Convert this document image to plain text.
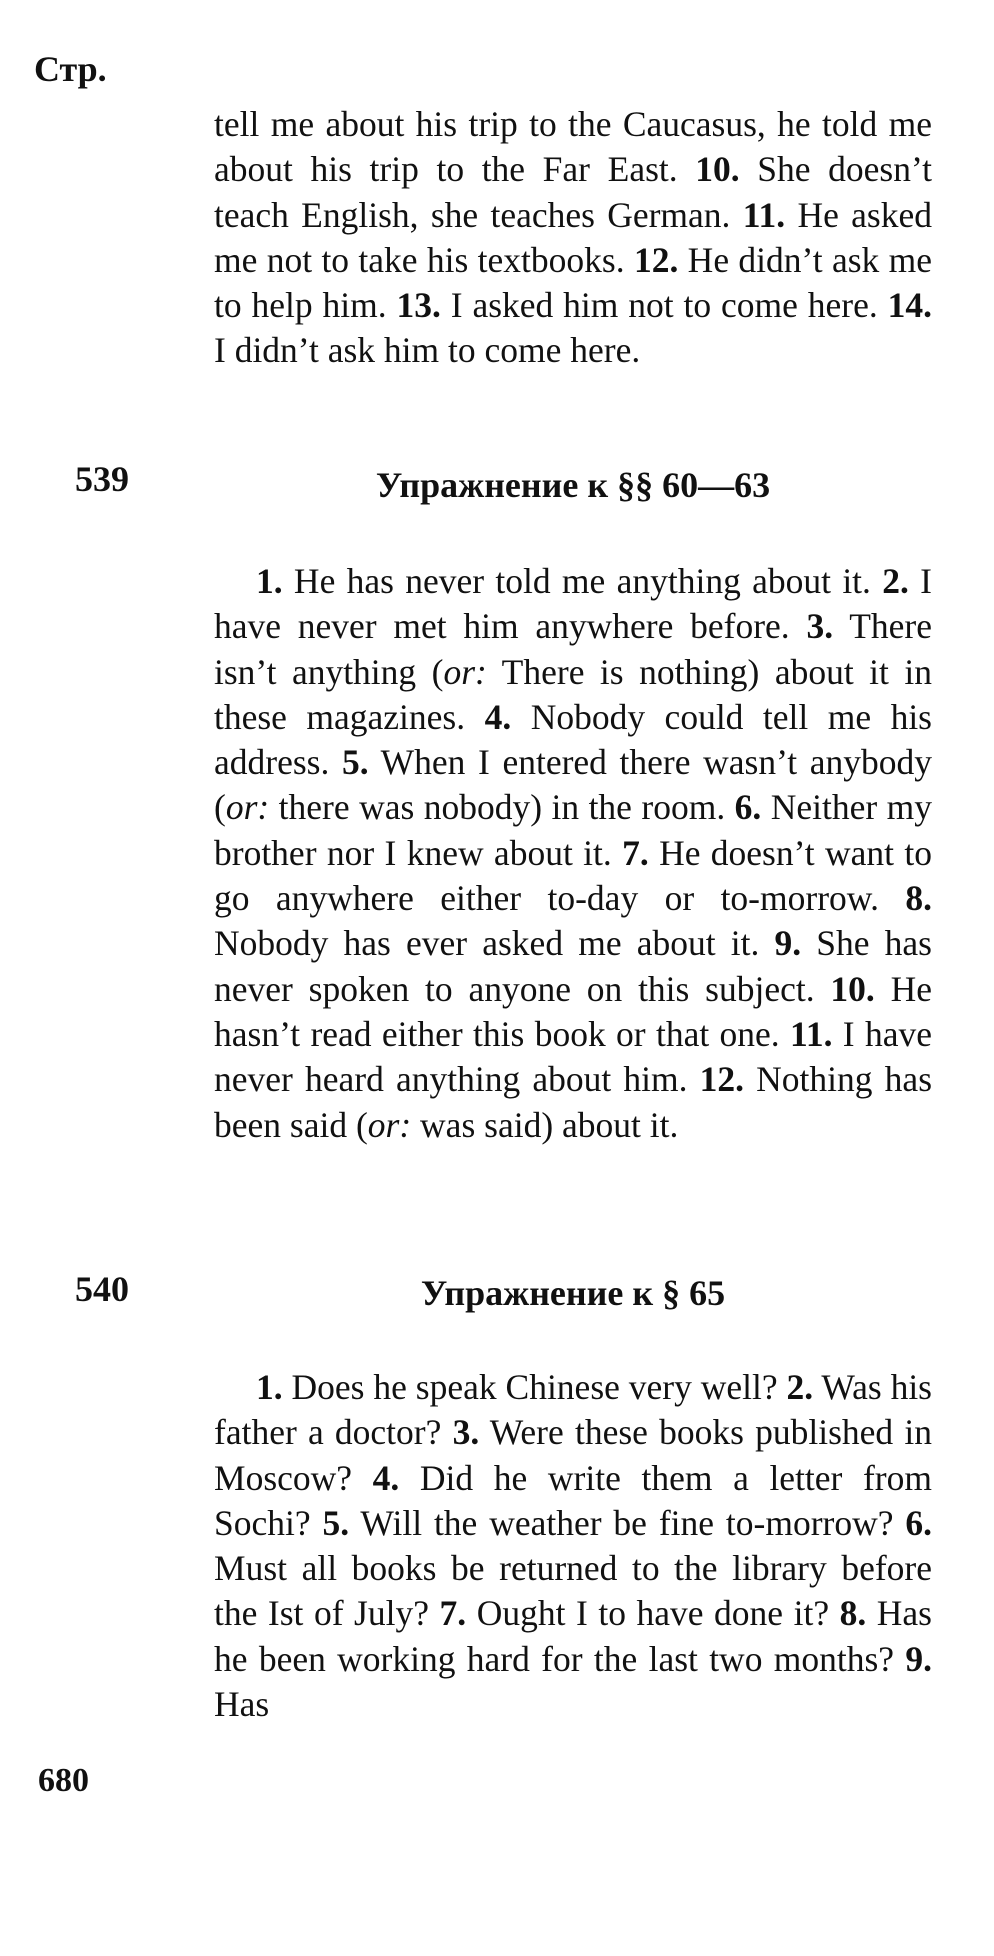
Стр.

tell me about his trip to the Caucasus, he told me about his trip to the Far East. 10. She doesn’t teach English, she teaches German. 11. He asked me not to take his textbooks. 12. He didn’t ask me to help him. 13. I asked him not to come here. 14. I didn’t ask him to come here.

539	Упражнение к §§ 60—63

1. He has never told me anything about it. 2. I have never met him anywhere before. 3. There isn’t anything (or: There is nothing) about it in these magazines. 4. Nobody could tell me his address. 5. When I entered there wasn’t anybody (or: there was nobody) in the room. 6. Neither my brother nor I knew about it. 7. He doesn’t want to go anywhere either to-day or to-morrow. 8. Nobody has ever asked me about it. 9. She has never spoken to anyone on this subject. 10. He hasn’t read either this book or that one. 11. I have never heard anything about him. 12. Nothing has been said (or: was said) about it.

540	Упражнение к § 65

1. Does he speak Chinese very well? 2. Was his father a doctor? 3. Were these books published in Moscow? 4. Did he write them a letter from Sochi? 5. Will the weather be fine to-morrow? 6. Must all books be returned to the library before the Ist of July? 7. Ought I to have done it? 8. Has he been working hard for the last two months? 9. Has

680
